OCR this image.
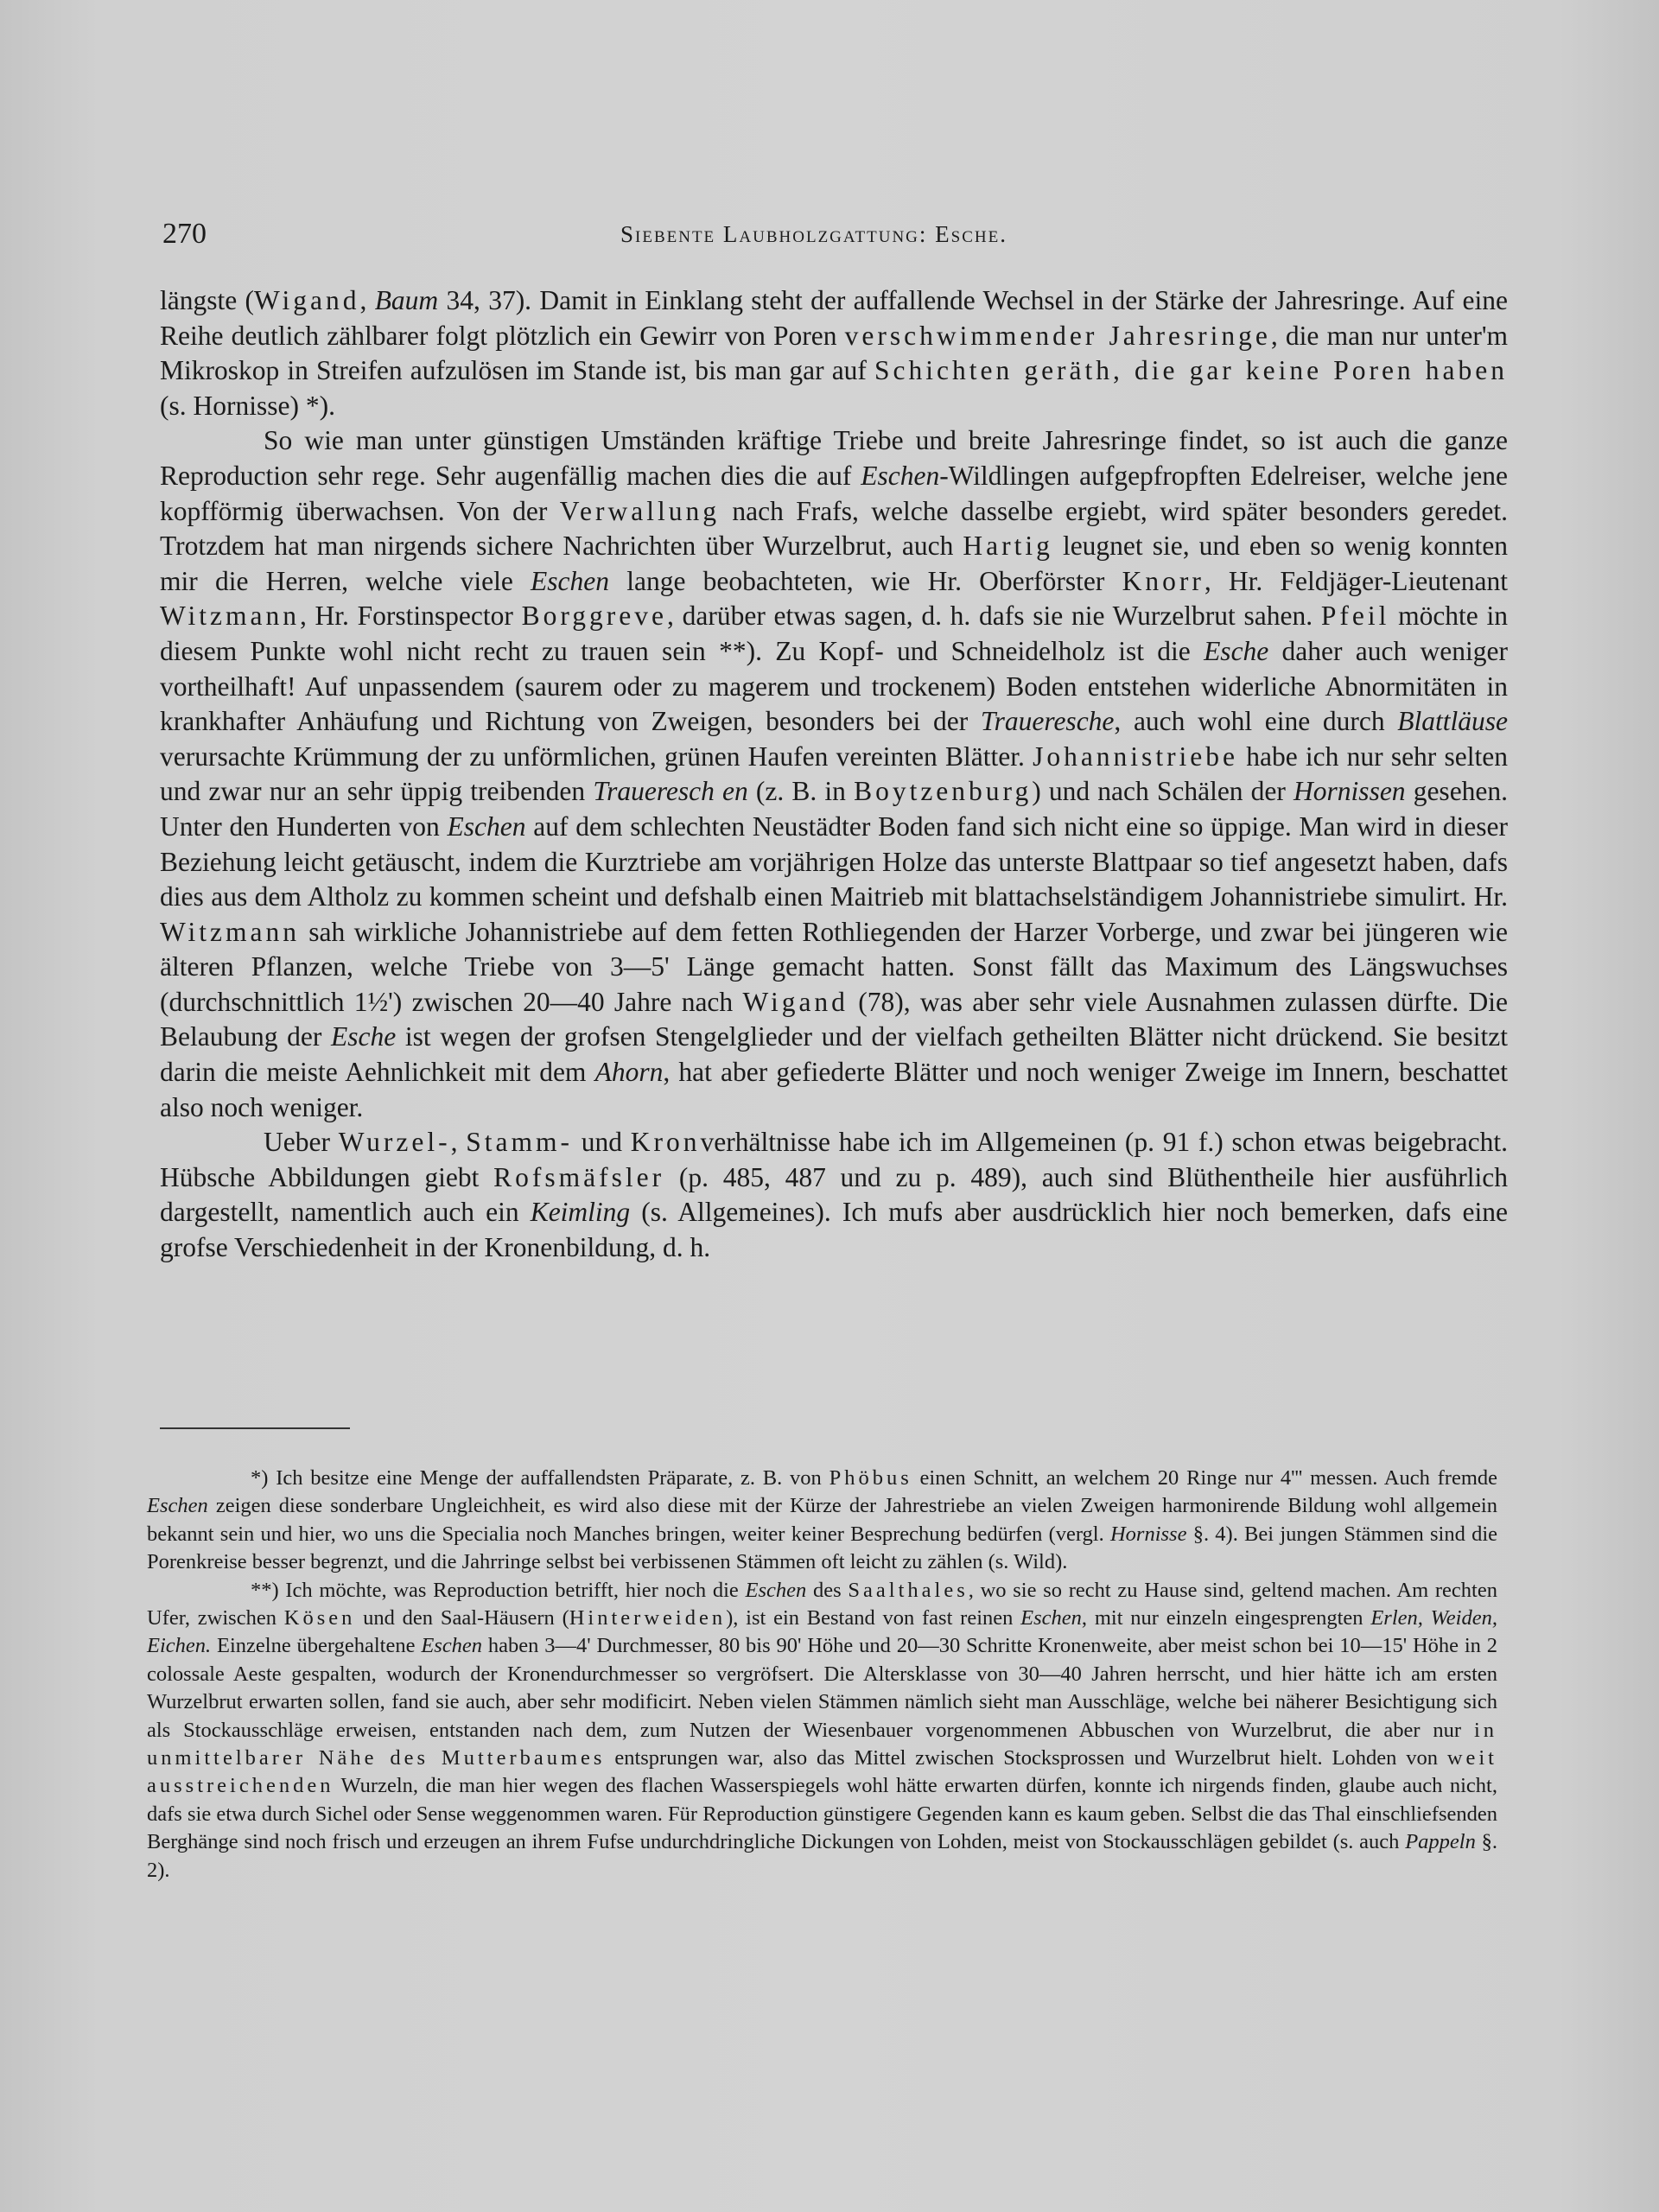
270	Siebente Laubholzgattung: Esche.

längste (Wigand, Baum 34, 37). Damit in Einklang steht der auffallende Wechsel in der Stärke der Jahresringe. Auf eine Reihe deutlich zählbarer folgt plötzlich ein Gewirr von Poren verschwimmender Jahresringe, die man nur unter'm Mikroskop in Streifen aufzulösen im Stande ist, bis man gar auf Schichten geräth, die gar keine Poren haben (s. Hornisse) *).

So wie man unter günstigen Umständen kräftige Triebe und breite Jahresringe findet, so ist auch die ganze Reproduction sehr rege. Sehr augenfällig machen dies die auf Eschen-Wildlingen aufgepfropften Edelreiser, welche jene kopfförmig überwachsen. Von der Verwallung nach Frafs, welche dasselbe ergiebt, wird später besonders geredet. Trotzdem hat man nirgends sichere Nachrichten über Wurzelbrut, auch Hartig leugnet sie, und eben so wenig konnten mir die Herren, welche viele Eschen lange beobachteten, wie Hr. Oberförster Knorr, Hr. Feldjäger-Lieutenant Witzmann, Hr. Forstinspector Borggreve, darüber etwas sagen, d. h. dafs sie nie Wurzelbrut sahen. Pfeil möchte in diesem Punkte wohl nicht recht zu trauen sein **). Zu Kopf- und Schneidelholz ist die Esche daher auch weniger vortheilhaft! Auf unpassendem (saurem oder zu magerem und trockenem) Boden entstehen widerliche Abnormitäten in krankhafter Anhäufung und Richtung von Zweigen, besonders bei der Traueresche, auch wohl eine durch Blattläuse verursachte Krümmung der zu unförmlichen, grünen Haufen vereinten Blätter. Johannistriebe habe ich nur sehr selten und zwar nur an sehr üppig treibenden Traueresch en (z. B. in Boytzenburg) und nach Schälen der Hornissen gesehen. Unter den Hunderten von Eschen auf dem schlechten Neustädter Boden fand sich nicht eine so üppige. Man wird in dieser Beziehung leicht getäuscht, indem die Kurztriebe am vorjährigen Holze das unterste Blattpaar so tief angesetzt haben, dafs dies aus dem Altholz zu kommen scheint und defshalb einen Maitrieb mit blattachselständigem Johannistriebe simulirt. Hr. Witzmann sah wirkliche Johannistriebe auf dem fetten Rothliegenden der Harzer Vorberge, und zwar bei jüngeren wie älteren Pflanzen, welche Triebe von 3—5' Länge gemacht hatten. Sonst fällt das Maximum des Längswuchses (durchschnittlich 1½') zwischen 20—40 Jahre nach Wigand (78), was aber sehr viele Ausnahmen zulassen dürfte. Die Belaubung der Esche ist wegen der grofsen Stengelglieder und der vielfach getheilten Blätter nicht drückend. Sie besitzt darin die meiste Aehnlichkeit mit dem Ahorn, hat aber gefiederte Blätter und noch weniger Zweige im Innern, beschattet also noch weniger.

Ueber Wurzel-, Stamm- und Kronverhältnisse habe ich im Allgemeinen (p. 91 f.) schon etwas beigebracht. Hübsche Abbildungen giebt Rofsmäfsler (p. 485, 487 und zu p. 489), auch sind Blüthentheile hier ausführlich dargestellt, namentlich auch ein Keimling (s. Allgemeines). Ich mufs aber ausdrücklich hier noch bemerken, dafs eine grofse Verschiedenheit in der Kronenbildung, d. h.

*) Ich besitze eine Menge der auffallendsten Präparate, z. B. von Phöbus einen Schnitt, an welchem 20 Ringe nur 4''' messen. Auch fremde Eschen zeigen diese sonderbare Ungleichheit, es wird also diese mit der Kürze der Jahrestriebe an vielen Zweigen harmonirende Bildung wohl allgemein bekannt sein und hier, wo uns die Specialia noch Manches bringen, weiter keiner Besprechung bedürfen (vergl. Hornisse §. 4). Bei jungen Stämmen sind die Porenkreise besser begrenzt, und die Jahrringe selbst bei verbissenen Stämmen oft leicht zu zählen (s. Wild).

**) Ich möchte, was Reproduction betrifft, hier noch die Eschen des Saalthales, wo sie so recht zu Hause sind, geltend machen. Am rechten Ufer, zwischen Kösen und den Saal-Häusern (Hinterweiden), ist ein Bestand von fast reinen Eschen, mit nur einzeln eingesprengten Erlen, Weiden, Eichen. Einzelne übergehaltene Eschen haben 3—4' Durchmesser, 80 bis 90' Höhe und 20—30 Schritte Kronenweite, aber meist schon bei 10—15' Höhe in 2 colossale Aeste gespalten, wodurch der Kronendurchmesser so vergröfsert. Die Altersklasse von 30—40 Jahren herrscht, und hier hätte ich am ersten Wurzelbrut erwarten sollen, fand sie auch, aber sehr modificirt. Neben vielen Stämmen nämlich sieht man Ausschläge, welche bei näherer Besichtigung sich als Stockausschläge erweisen, entstanden nach dem, zum Nutzen der Wiesenbauer vorgenommenen Abbuschen von Wurzelbrut, die aber nur in unmittelbarer Nähe des Mutterbaumes entsprungen war, also das Mittel zwischen Stocksprossen und Wurzelbrut hielt. Lohden von weit ausstreichenden Wurzeln, die man hier wegen des flachen Wasserspiegels wohl hätte erwarten dürfen, konnte ich nirgends finden, glaube auch nicht, dafs sie etwa durch Sichel oder Sense weggenommen waren. Für Reproduction günstigere Gegenden kann es kaum geben. Selbst die das Thal einschliefsenden Berghänge sind noch frisch und erzeugen an ihrem Fufse undurchdringliche Dickungen von Lohden, meist von Stockausschlägen gebildet (s. auch Pappeln §. 2).
